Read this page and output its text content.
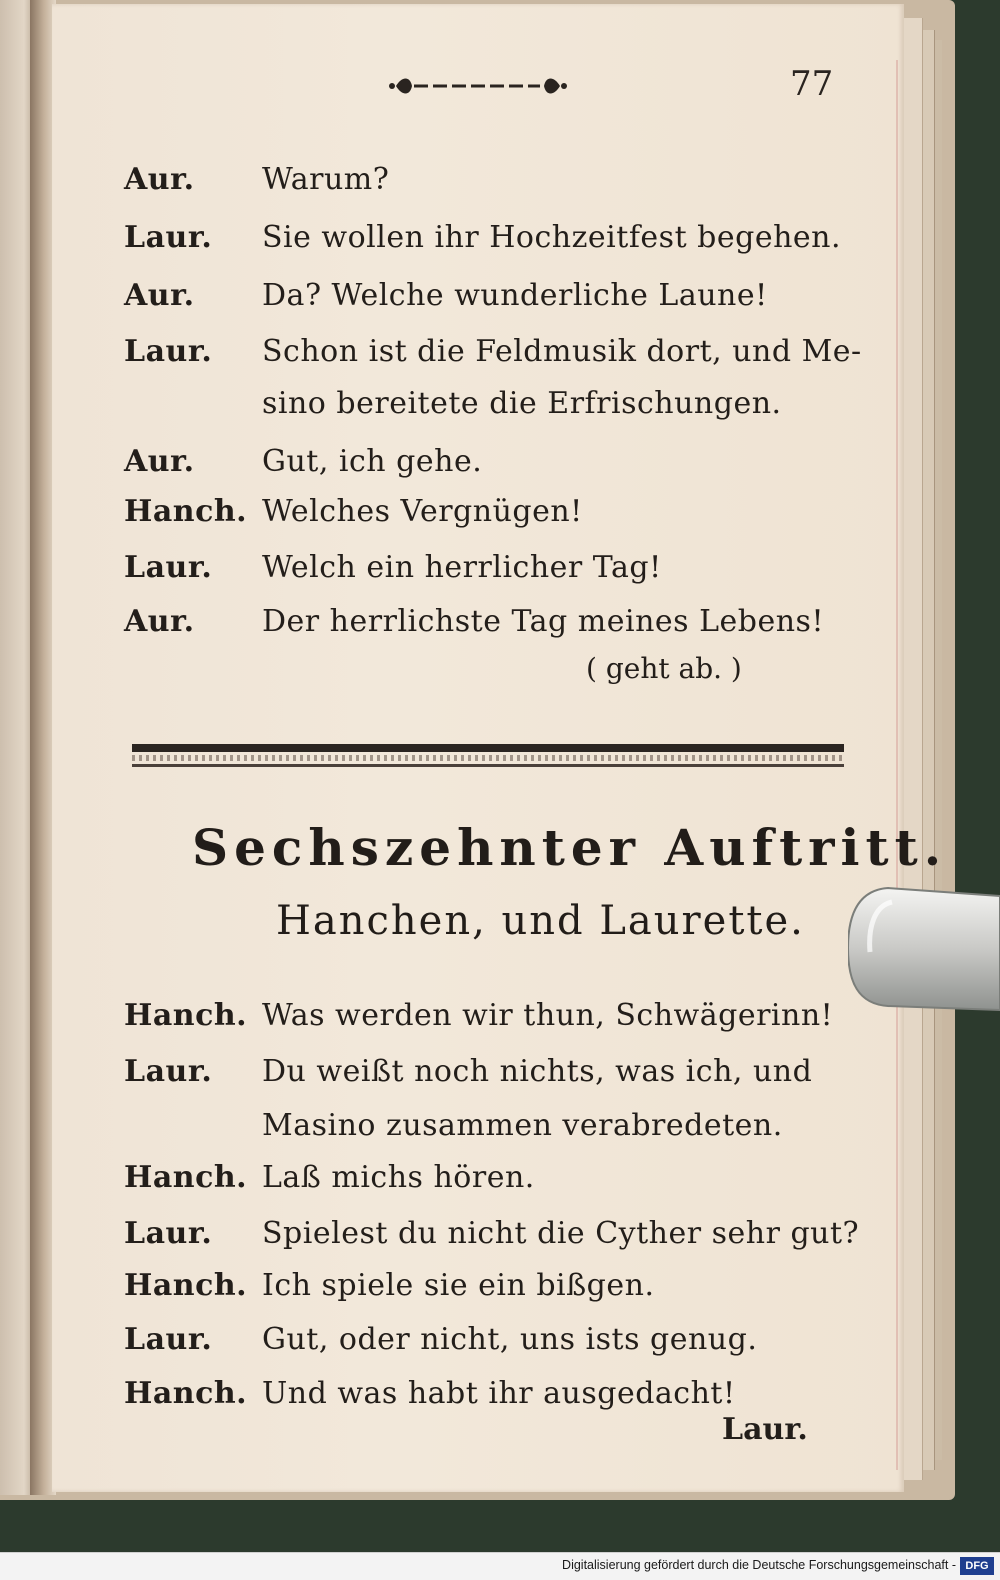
77
Aur. Warum?
Laur. Sie wollen ihr Hochzeitfest begehen.
Aur. Da? Welche wunderliche Laune!
Laur. Schon ist die Feldmusik dort, und Me-
sino bereitete die Erfrischungen.
Aur. Gut, ich gehe.
Hanch. Welches Vergnügen!
Laur. Welch ein herrlicher Tag!
Aur. Der herrlichste Tag meines Lebens!
( geht ab. )
Sechszehnter Auftritt.
Hanchen, und Laurette.
Hanch. Was werden wir thun, Schwägerinn!
Laur. Du weißt noch nichts, was ich, und
Masino zusammen verabredeten.
Hanch. Laß michs hören.
Laur. Spielest du nicht die Cyther sehr gut?
Hanch. Ich spiele sie ein bißgen.
Laur. Gut, oder nicht, uns ists genug.
Hanch. Und was habt ihr ausgedacht!
Laur.
Digitalisierung gefördert durch die Deutsche Forschungsgemeinschaft - DFG
